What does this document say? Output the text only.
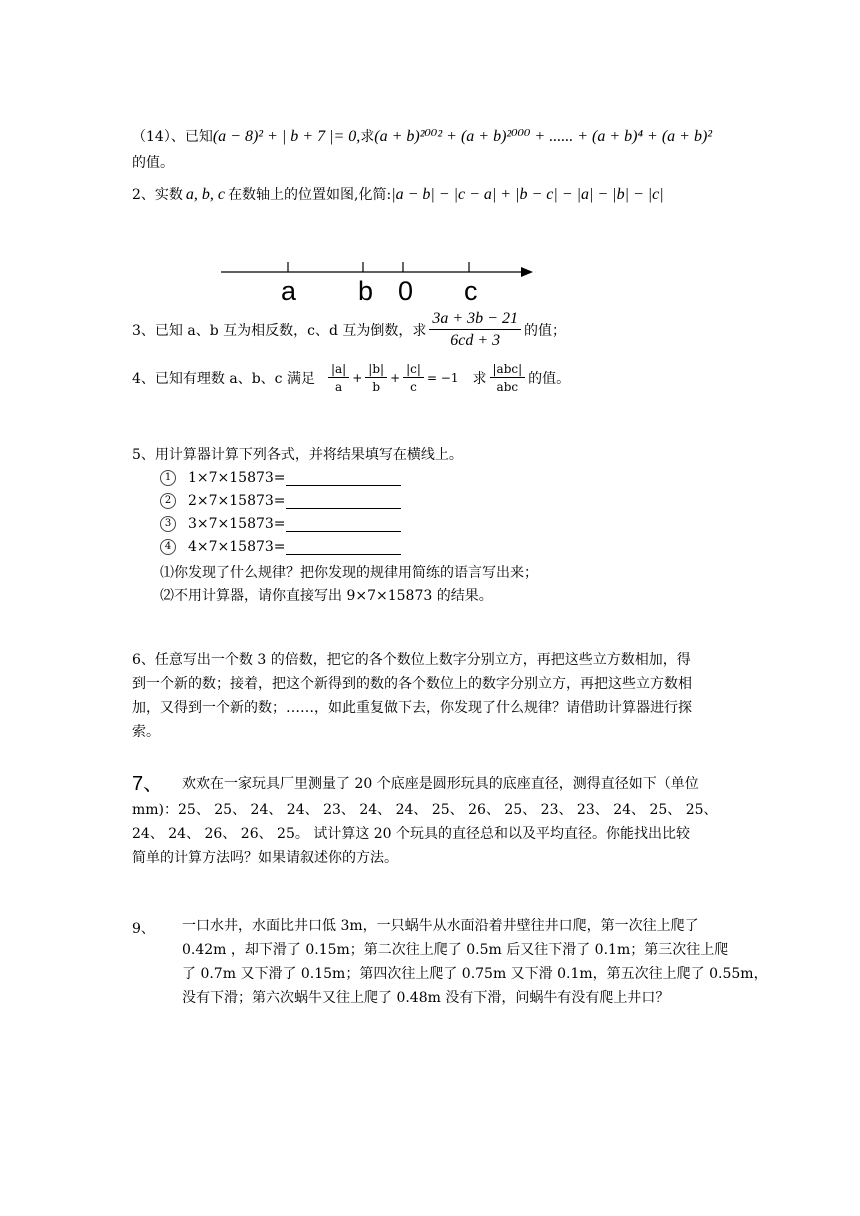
（14）、已知(a − 8)² + | b + 7 |= 0,求(a + b)²⁰⁰² + (a + b)²⁰⁰⁰ + ...... + (a + b)⁴ + (a + b)²
的值。
2、实数 a, b, c 在数轴上的位置如图,化简:|a − b| − |c − a| + |b − c| − |a| − |b| − |c|
a b 0 c
3、已知 a、b 互为相反数，c、d 互为倒数，求 $\frac{3a + 3b - 21}{6cd + 3}$ 的值；
4、已知有理数 a、b、c 满足 $\frac{|a|}{a} + \frac{|b|}{b} + \frac{|c|}{c} = -1$ 求 $\frac{\text{|abc|}}{\text{abc}}$ 的值。
5、用计算器计算下列各式，并将结果填写在横线上。
1 1×7×15873=
2 2×7×15873=
3 3×7×15873=
4 4×7×15873=
⑴你发现了什么规律？把你发现的规律用简练的语言写出来；
⑵不用计算器，请你直接写出 9×7×15873 的结果。
6、任意写出一个数 3 的倍数，把它的各个数位上数字分别立方，再把这些立方数相加，得
到一个新的数；接着，把这个新得到的数的各个数位上的数字分别立方，再把这些立方数相
加，又得到一个新的数；……，如此重复做下去，你发现了什么规律？请借助计算器进行探
索。
7、 欢欢在一家玩具厂里测量了 20 个底座是圆形玩具的底座直径，测得直径如下（单位
mm)：25、 25、 24、 24、 23、 24、 24、 25、 26、 25、 23、 23、 24、 25、 25、
24、 24、 26、 26、 25。 试计算这 20 个玩具的直径总和以及平均直径。你能找出比较
简单的计算方法吗？如果请叙述你的方法。
9、 一口水井，水面比井口低 3m，一只蜗牛从水面沿着井壁往井口爬，第一次往上爬了
0.42m ，却下滑了 0.15m；第二次往上爬了 0.5m 后又往下滑了 0.1m；第三次往上爬
了 0.7m 又下滑了 0.15m；第四次往上爬了 0.75m 又下滑 0.1m，第五次往上爬了 0.55m，
没有下滑；第六次蜗牛又往上爬了 0.48m 没有下滑，问蜗牛有没有爬上井口？
